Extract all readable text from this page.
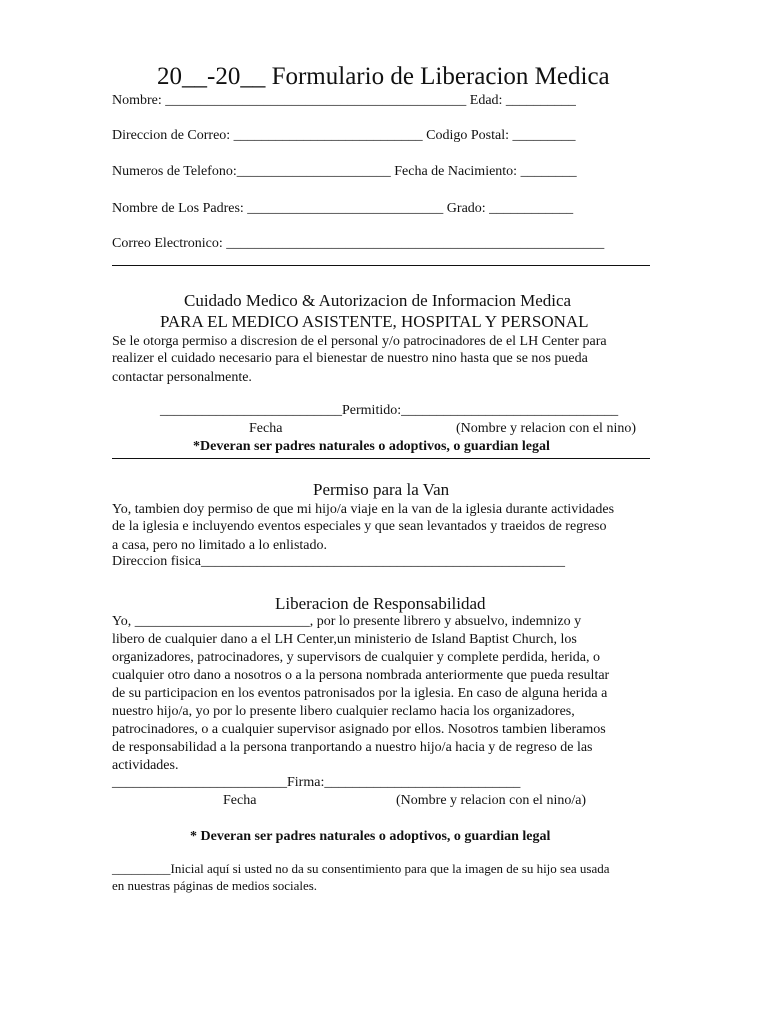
20__-20__ Formulario de Liberacion Medica
Nombre: ___________________________________________ Edad: __________
Direccion de Correo: ___________________________ Codigo Postal: _________
Numeros de Telefono:______________________ Fecha de Nacimiento: ________
Nombre de Los Padres: ____________________________ Grado: ____________
Correo Electronico: ______________________________________________________
Cuidado Medico & Autorizacion de Informacion Medica
PARA EL MEDICO ASISTENTE, HOSPITAL Y PERSONAL
Se le otorga permiso a discresion de el personal y/o patrocinadores de el LH Center para
realizer el cuidado necesario para el bienestar de nuestro nino hasta que se nos pueda
contactar personalmente.
__________________________Permitido:_______________________________
Fecha	(Nombre y relacion con el nino)
*Deveran ser padres naturales o adoptivos, o guardian legal
Permiso para la Van
Yo, tambien doy permiso de que mi hijo/a viaje en la van de la iglesia durante actividades
de la iglesia e incluyendo eventos especiales y que sean levantados y traeidos de regreso
a casa, pero no limitado a lo enlistado.
Direccion fisica____________________________________________________
Liberacion de Responsabilidad
Yo, _________________________, por lo presente librero y absuelvo, indemnizo y
libero de cualquier dano a el LH Center,un ministerio de Island Baptist Church, los
organizadores, patrocinadores, y supervisors de cualquier y complete perdida, herida, o
cualquier otro dano a nosotros o a la persona nombrada anteriormente que pueda resultar
de su participacion en los eventos patronisados por la iglesia. En caso de alguna herida a
nuestro hijo/a, yo por lo presente libero cualquier reclamo hacia los organizadores,
patrocinadores, o a cualquier supervisor asignado por ellos. Nosotros tambien liberamos
de responsabilidad a la persona tranportando a nuestro hijo/a hacia y de regreso de las
actividades.
_________________________Firma:____________________________
Fecha	(Nombre y relacion con el nino/a)
* Deveran ser padres naturales o adoptivos, o guardian legal
_________Inicial aquí si usted no da su consentimiento para que la imagen de su hijo sea usada
en nuestras páginas de medios sociales.
